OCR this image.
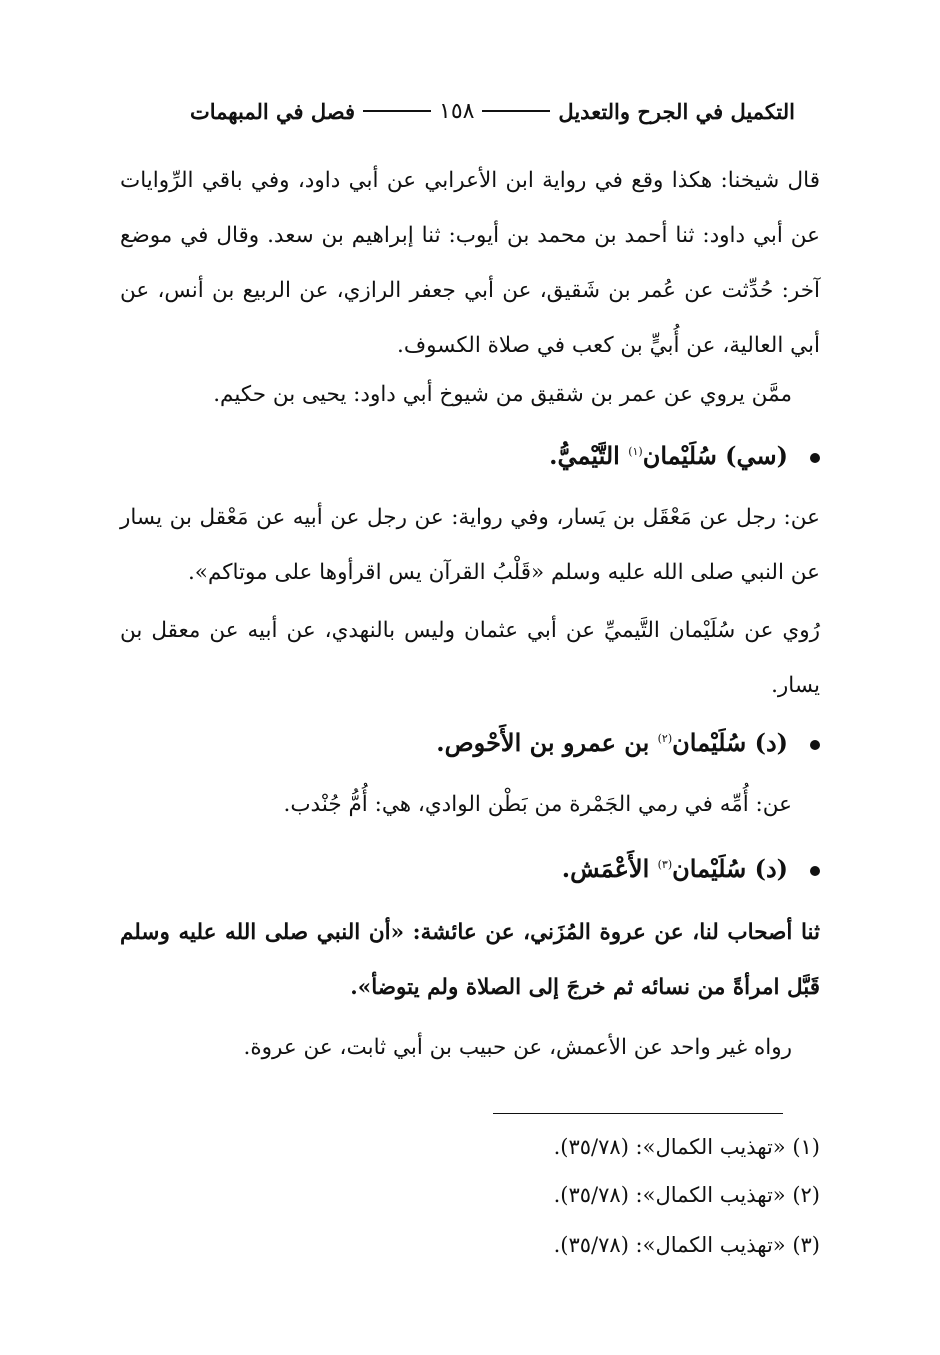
التكميل في الجرح والتعديل
١٥٨
فصل في المبهمات
قال شيخنا: هكذا وقع في رواية ابن الأعرابي عن أبي داود، وفي باقي الرِّوايات عن أبي داود: ثنا أحمد بن محمد بن أيوب: ثنا إبراهيم بن سعد. وقال في موضع آخر: حُدِّثت عن عُمر بن شَقيق، عن أبي جعفر الرازي، عن الربيع بن أنس، عن أبي العالية، عن أُبيٍّ بن كعب في صلاة الكسوف.
ممَّن يروي عن عمر بن شقيق من شيوخ أبي داود: يحيى بن حكيم.
(سي) سُلَيْمان$^{(١)}$ التَّيْميُّ.
عن: رجل عن مَعْقَل بن يَسار، وفي رواية: عن رجل عن أبيه عن مَعْقل بن يسار عن النبي صلى الله عليه وسلم «قَلْبُ القرآن يس اقرأوها على موتاكم».
رُوي عن سُلَيْمان التَّيميِّ عن أبي عثمان وليس بالنهدي، عن أبيه عن معقل بن يسار.
(د) سُلَيْمان$^{(٢)}$ بن عمرو بن الأَحْوص.
عن: أُمِّه في رمي الجَمْرة من بَطْن الوادي، هي: أُمُّ جُنْدب.
(د) سُلَيْمان$^{(٣)}$ الأَعْمَش.
ثنا أصحاب لنا، عن عروة المُزَني، عن عائشة: «أن النبي صلى الله عليه وسلم قَبَّل امرأةً من نسائه ثم خرجَ إلى الصلاة ولم يتوضأ».
رواه غير واحد عن الأعمش، عن حبيب بن أبي ثابت، عن عروة.
(١) «تهذيب الكمال»: (٣٥/٧٨).
(٢) «تهذيب الكمال»: (٣٥/٧٨).
(٣) «تهذيب الكمال»: (٣٥/٧٨).
